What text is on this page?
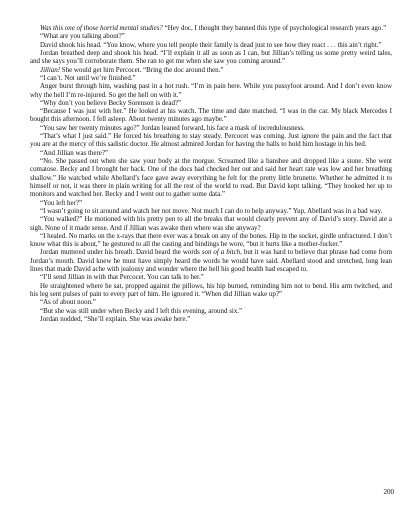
Was this one of those horrid mental studies? “Hey doc, I thought they banned this type of psychological research years ago.”

“What are you talking about?”

David shook his head. “You know, where you tell people their family is dead just to see how they react . . . this ain’t right.”

Jordan breathed deep and shook his head. “I’ll explain it all as soon as I can, but Jillian’s telling us some pretty weird tales, and she says you’ll corroborate them. She ran to get me when she saw you coming around.”

Jillian! She would get him Percocet. “Bring the doc around then.”

“I can’t. Not until we’re finished.”

Anger burst through him, washing past in a hot rush. “I’m in pain here. While you pussyfoot around. And I don’t even know why the hell I’m re-injured. So get the hell on with it.”

“Why don’t you believe Becky Sorenson is dead?”

“Because I was just with her.” He looked at his watch. The time and date matched. “I was in the car. My black Mercedes I bought this afternoon. I fell asleep. About twenty minutes ago maybe.”

“You saw her twenty minutes ago?” Jordan leaned forward, his face a mask of incredulousness.

“That’s what I just said.” He forced his breathing to stay steady. Percocet was coming. Just ignore the pain and the fact that you are at the mercy of this sadistic doctor. He almost admired Jordan for having the balls to hold him hostage in his bed.

“And Jillian was there?”

“No. She passed out when she saw your body at the morgue. Screamed like a banshee and dropped like a stone. She went comatose. Becky and I brought her back. One of the docs had checked her out and said her heart rate was low and her breathing shallow.” He watched while Abellard’s face gave away everything he felt for the pretty little brunette. Whether he admitted it to himself or not, it was there in plain writing for all the rest of the world to read. But David kept talking. “They hooked her up to monitors and watched her. Becky and I went out to gather some data.”

“You left her?”

“I wasn’t going to sit around and watch her not move. Not much I can do to help anyway.” Yup, Abellard was in a bad way.

“You walked?” He motioned with his pretty pen to all the breaks that would clearly prevent any of David’s story. David ate a sigh. None of it made sense. And if Jillian was awake then where was she anyway?

“I healed. No marks on the x-rays that there ever was a break on any of the bones. Hip in the socket, girdle unfractured. I don’t know what this is about,” he gestured to all the casting and bindings he wore, “but it hurts like a mother-fucker.”

Jordan muttered under his breath. David heard the words son of a bitch, but it was hard to believe that phrase had come from Jordan’s mouth. David knew he must have simply heard the words he would have said. Abellard stood and stretched, long lean lines that made David ache with jealousy and wonder where the hell his good health had escaped to.

“I’ll send Jillian in with that Percocet. You can talk to her.”

He straightened where he sat, propped against the pillows, his hip burned, reminding him not to bend. His arm twitched, and his leg sent pulses of pain to every part of him. He ignored it. “When did Jillian wake up?”

“As of about noon.”

“But she was still under when Becky and I left this evening, around six.”

Jordan nodded, “She’ll explain. She was awake here.”

200
